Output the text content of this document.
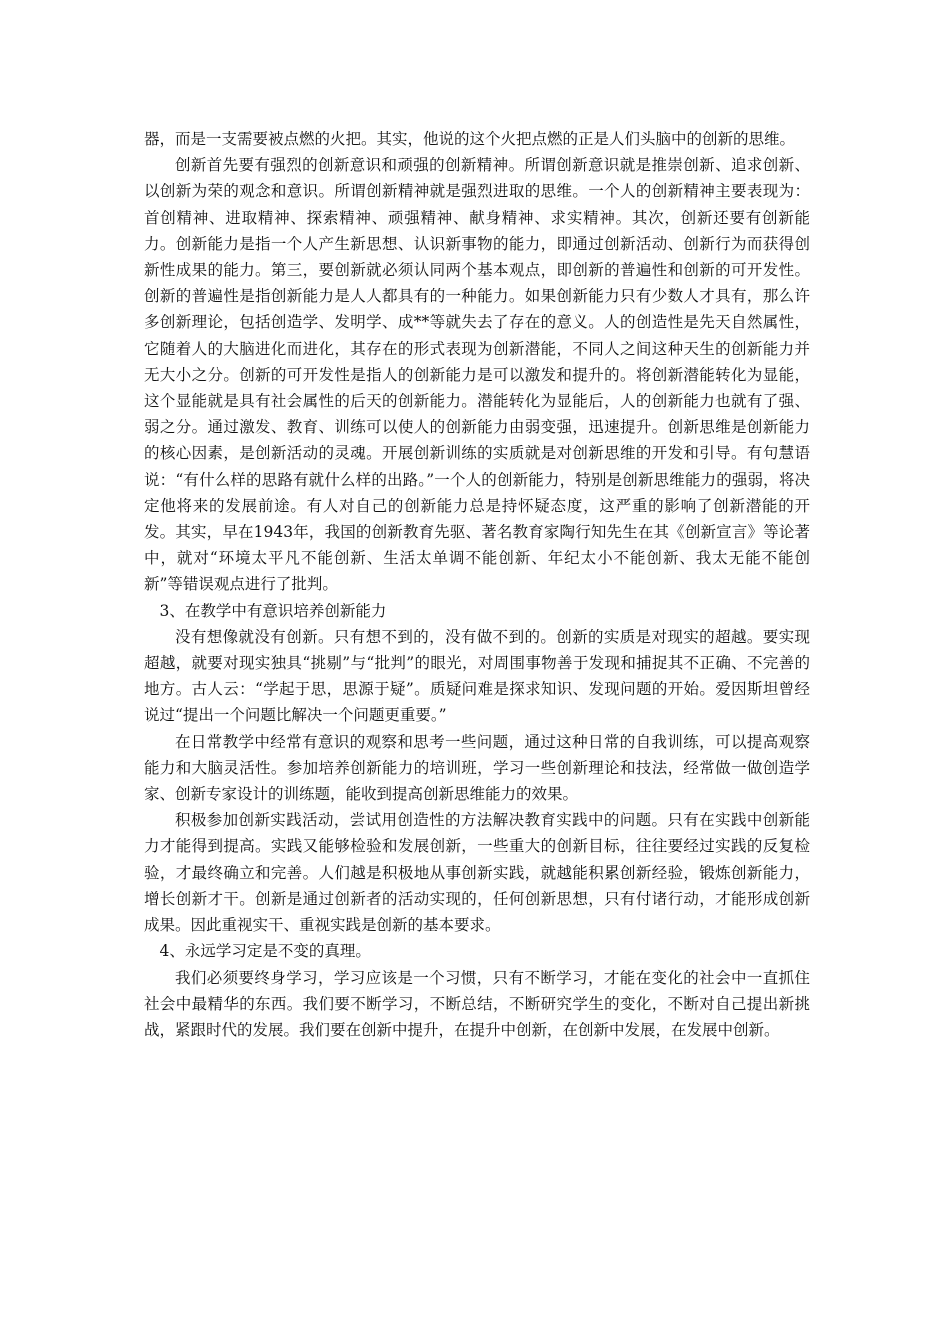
器，而是一支需要被点燃的火把。其实，他说的这个火把点燃的正是人们头脑中的创新的思维。

创新首先要有强烈的创新意识和顽强的创新精神。所谓创新意识就是推崇创新、追求创新、以创新为荣的观念和意识。所谓创新精神就是强烈进取的思维。一个人的创新精神主要表现为：首创精神、进取精神、探索精神、顽强精神、献身精神、求实精神。其次，创新还要有创新能力。创新能力是指一个人产生新思想、认识新事物的能力，即通过创新活动、创新行为而获得创新性成果的能力。第三，要创新就必须认同两个基本观点，即创新的普遍性和创新的可开发性。创新的普遍性是指创新能力是人人都具有的一种能力。如果创新能力只有少数人才具有，那么许多创新理论，包括创造学、发明学、成**等就失去了存在的意义。人的创造性是先天自然属性，它随着人的大脑进化而进化，其存在的形式表现为创新潜能，不同人之间这种天生的创新能力并无大小之分。创新的可开发性是指人的创新能力是可以激发和提升的。将创新潜能转化为显能，这个显能就是具有社会属性的后天的创新能力。潜能转化为显能后，人的创新能力也就有了强、弱之分。通过激发、教育、训练可以使人的创新能力由弱变强，迅速提升。创新思维是创新能力的核心因素，是创新活动的灵魂。开展创新训练的实质就是对创新思维的开发和引导。有句慧语说：“有什么样的思路有就什么样的出路。”一个人的创新能力，特别是创新思维能力的强弱，将决定他将来的发展前途。有人对自己的创新能力总是持怀疑态度，这严重的影响了创新潜能的开发。其实，早在1943年，我国的创新教育先驱、著名教育家陶行知先生在其《创新宣言》等论著中，就对“环境太平凡不能创新、生活太单调不能创新、年纪太小不能创新、我太无能不能创新”等错误观点进行了批判。

3、在教学中有意识培养创新能力

没有想像就没有创新。只有想不到的，没有做不到的。创新的实质是对现实的超越。要实现超越，就要对现实独具“挑剔”与“批判”的眼光，对周围事物善于发现和捕捉其不正确、不完善的地方。古人云：“学起于思，思源于疑”。质疑问难是探求知识、发现问题的开始。爱因斯坦曾经说过“提出一个问题比解决一个问题更重要。”

在日常教学中经常有意识的观察和思考一些问题，通过这种日常的自我训练，可以提高观察能力和大脑灵活性。参加培养创新能力的培训班，学习一些创新理论和技法，经常做一做创造学家、创新专家设计的训练题，能收到提高创新思维能力的效果。

积极参加创新实践活动，尝试用创造性的方法解决教育实践中的问题。只有在实践中创新能力才能得到提高。实践又能够检验和发展创新，一些重大的创新目标，往往要经过实践的反复检验，才最终确立和完善。人们越是积极地从事创新实践，就越能积累创新经验，锻炼创新能力，增长创新才干。创新是通过创新者的活动实现的，任何创新思想，只有付诸行动，才能形成创新成果。因此重视实干、重视实践是创新的基本要求。

4、永远学习定是不变的真理。

我们必须要终身学习，学习应该是一个习惯，只有不断学习，才能在变化的社会中一直抓住社会中最精华的东西。我们要不断学习，不断总结，不断研究学生的变化，不断对自己提出新挑战，紧跟时代的发展。我们要在创新中提升，在提升中创新，在创新中发展，在发展中创新。
